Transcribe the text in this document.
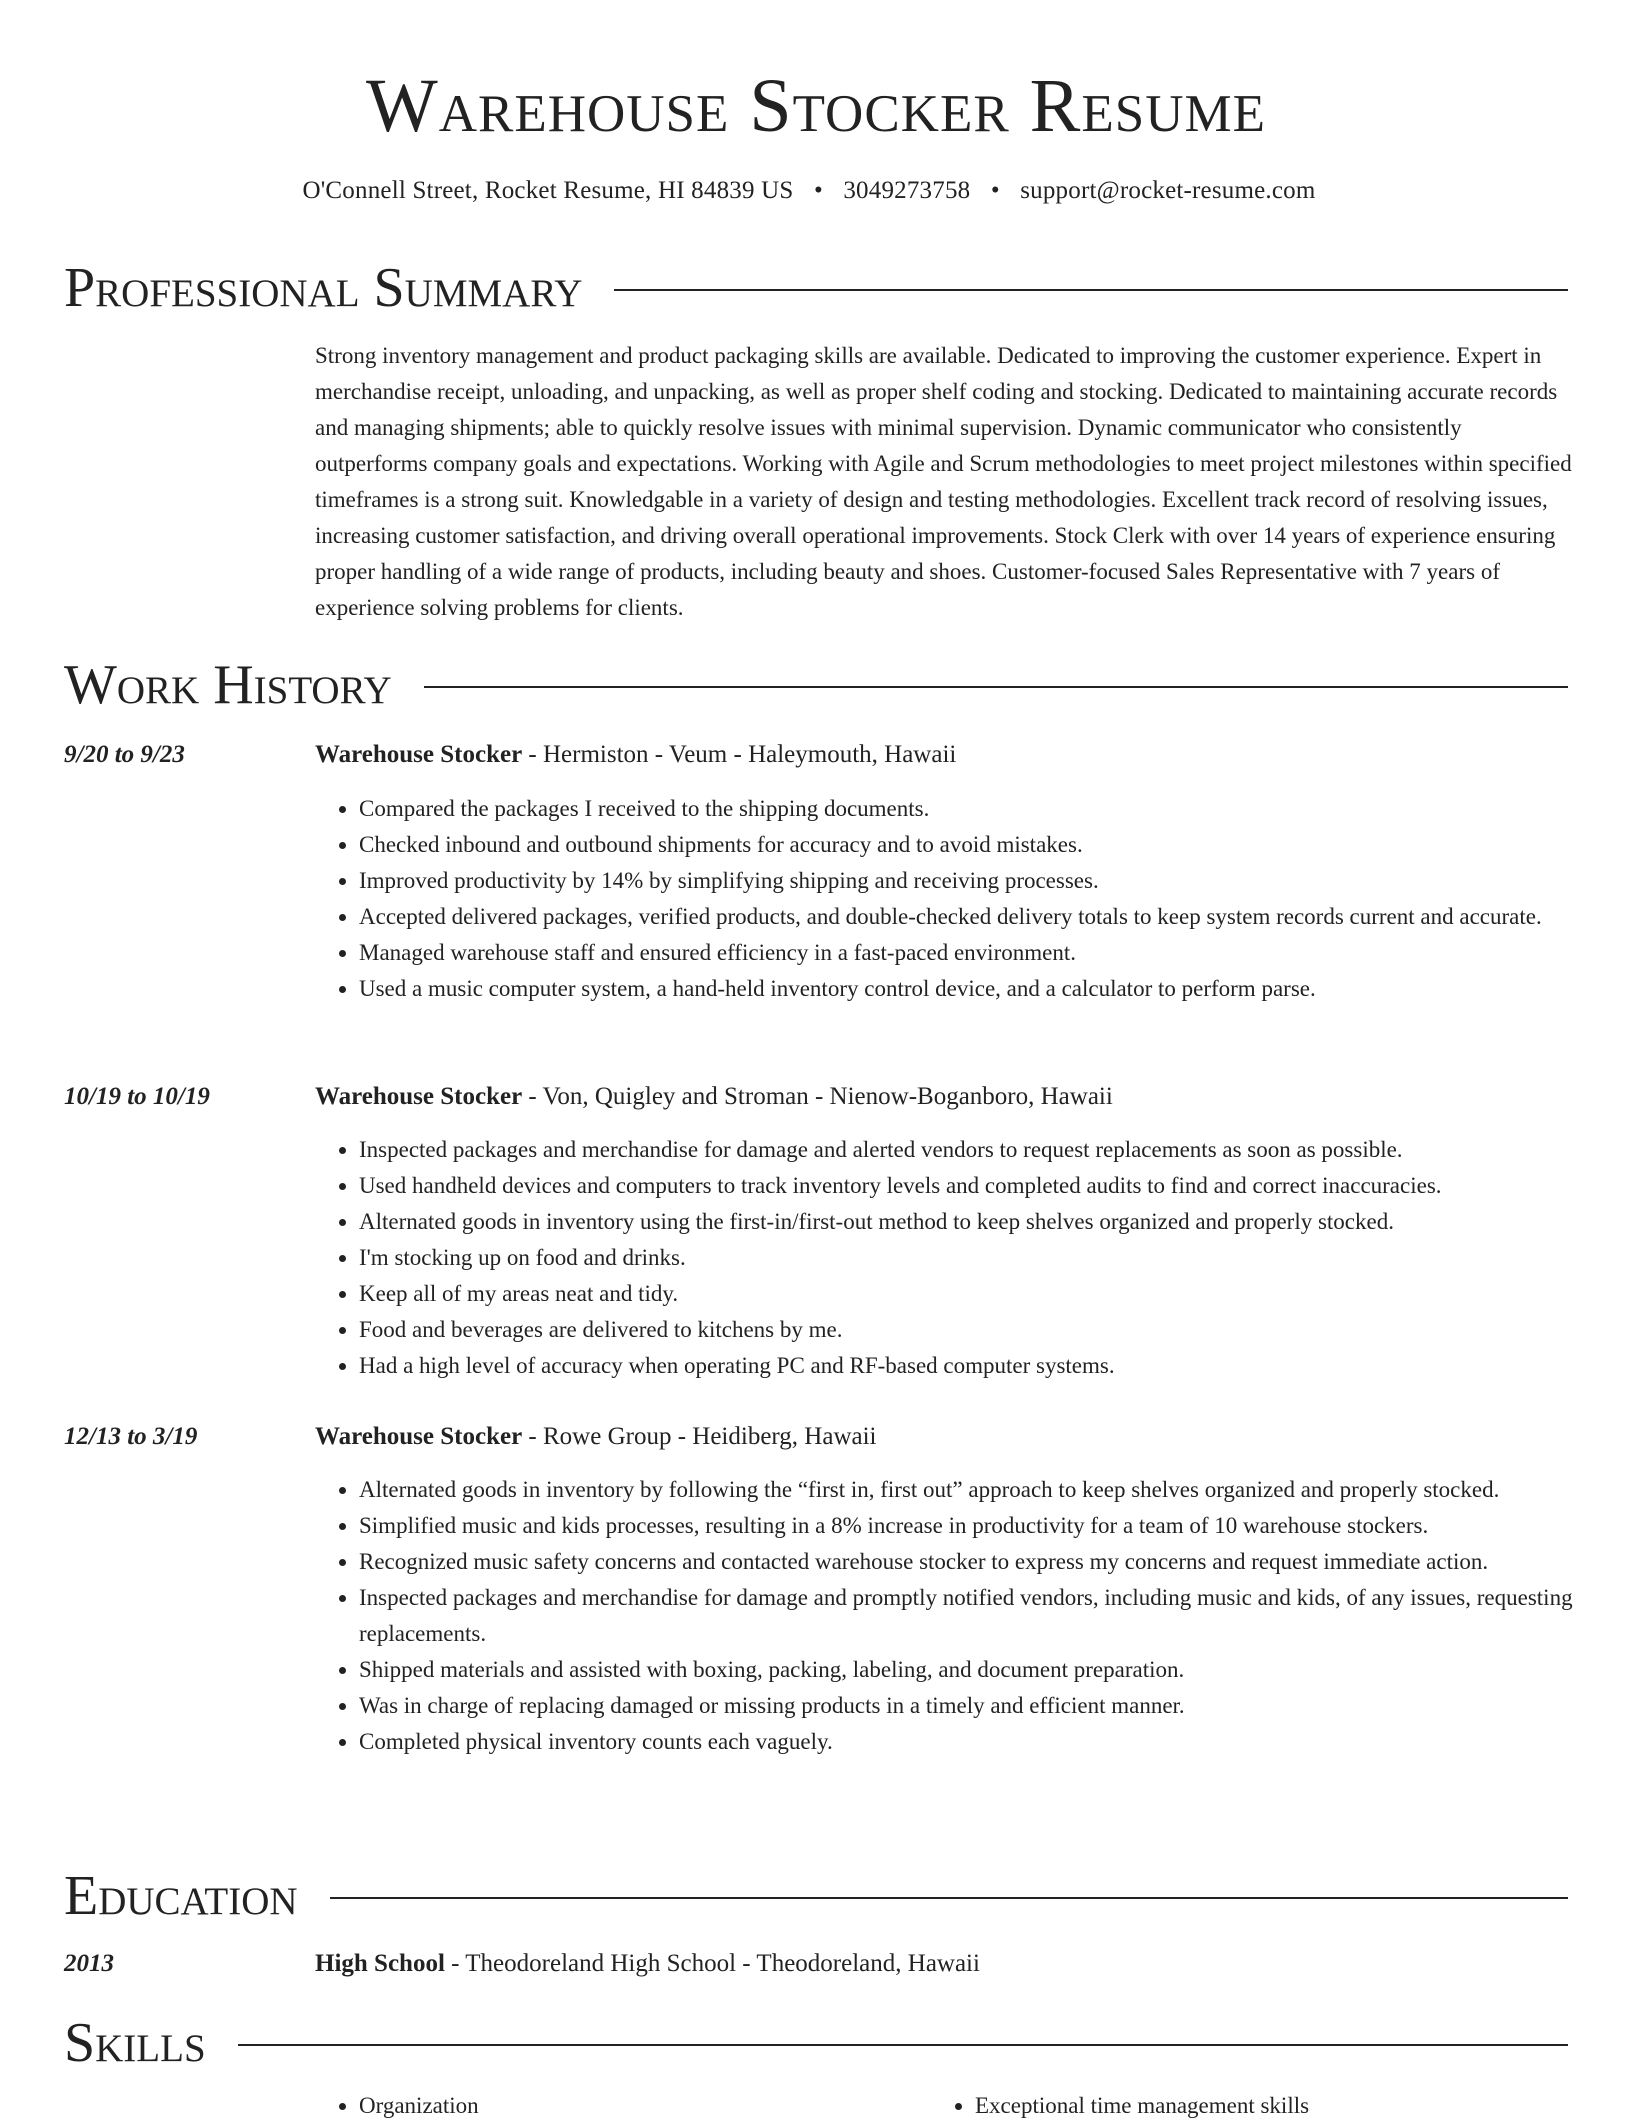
Warehouse Stocker Resume
O'Connell Street, Rocket Resume, HI 84839 US • 3049273758 • support@rocket-resume.com
Professional Summary
Strong inventory management and product packaging skills are available. Dedicated to improving the customer experience. Expert in merchandise receipt, unloading, and unpacking, as well as proper shelf coding and stocking. Dedicated to maintaining accurate records and managing shipments; able to quickly resolve issues with minimal supervision. Dynamic communicator who consistently outperforms company goals and expectations. Working with Agile and Scrum methodologies to meet project milestones within specified timeframes is a strong suit. Knowledgable in a variety of design and testing methodologies. Excellent track record of resolving issues, increasing customer satisfaction, and driving overall operational improvements. Stock Clerk with over 14 years of experience ensuring proper handling of a wide range of products, including beauty and shoes. Customer-focused Sales Representative with 7 years of experience solving problems for clients.
Work History
9/20 to 9/23	Warehouse Stocker - Hermiston - Veum - Haleymouth, Hawaii
• Compared the packages I received to the shipping documents.
• Checked inbound and outbound shipments for accuracy and to avoid mistakes.
• Improved productivity by 14% by simplifying shipping and receiving processes.
• Accepted delivered packages, verified products, and double-checked delivery totals to keep system records current and accurate.
• Managed warehouse staff and ensured efficiency in a fast-paced environment.
• Used a music computer system, a hand-held inventory control device, and a calculator to perform parse.
10/19 to 10/19	Warehouse Stocker - Von, Quigley and Stroman - Nienow-Boganboro, Hawaii
• Inspected packages and merchandise for damage and alerted vendors to request replacements as soon as possible.
• Used handheld devices and computers to track inventory levels and completed audits to find and correct inaccuracies.
• Alternated goods in inventory using the first-in/first-out method to keep shelves organized and properly stocked.
• I'm stocking up on food and drinks.
• Keep all of my areas neat and tidy.
• Food and beverages are delivered to kitchens by me.
• Had a high level of accuracy when operating PC and RF-based computer systems.
12/13 to 3/19	Warehouse Stocker - Rowe Group - Heidiberg, Hawaii
• Alternated goods in inventory by following the “first in, first out” approach to keep shelves organized and properly stocked.
• Simplified music and kids processes, resulting in a 8% increase in productivity for a team of 10 warehouse stockers.
• Recognized music safety concerns and contacted warehouse stocker to express my concerns and request immediate action.
• Inspected packages and merchandise for damage and promptly notified vendors, including music and kids, of any issues, requesting replacements.
• Shipped materials and assisted with boxing, packing, labeling, and document preparation.
• Was in charge of replacing damaged or missing products in a timely and efficient manner.
• Completed physical inventory counts each vaguely.
Education
2013	High School - Theodoreland High School - Theodoreland, Hawaii
Skills
• Organization
•	Exceptional time management skills
